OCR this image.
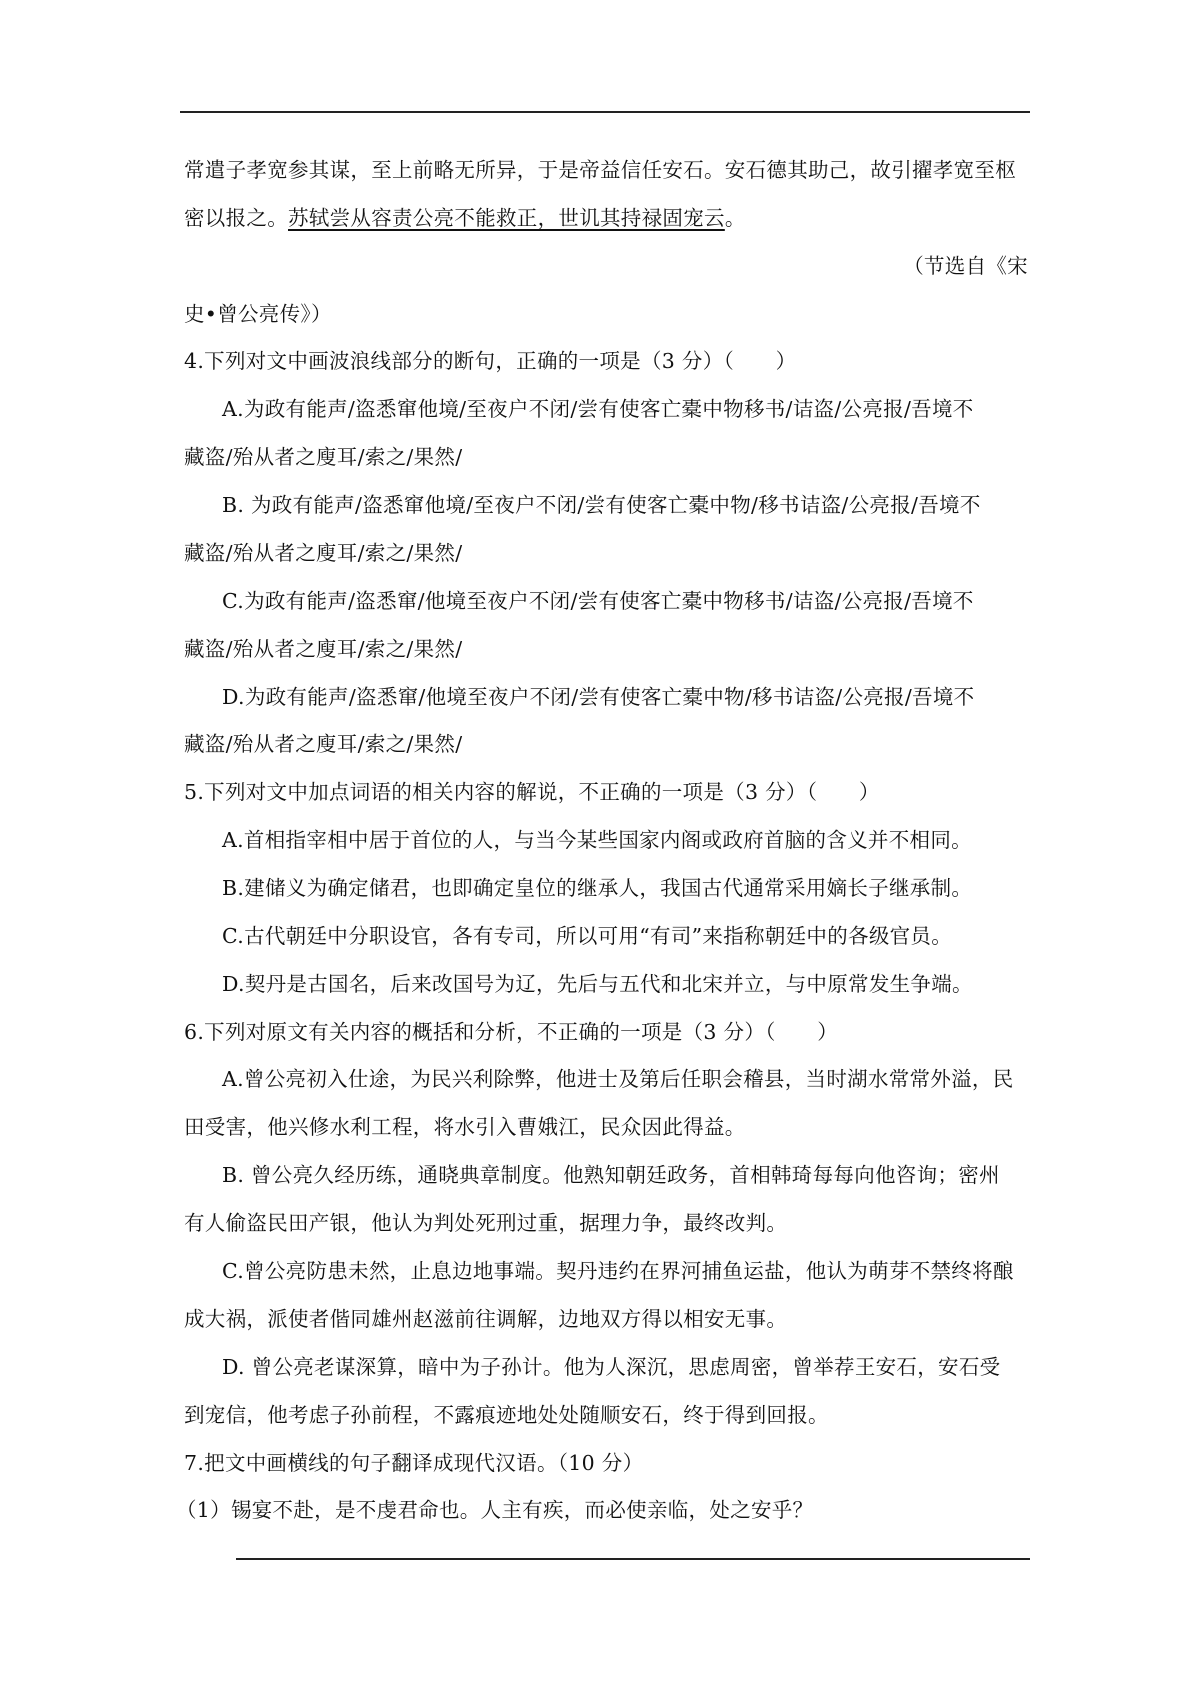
常遣子孝宽参其谋，至上前略无所异，于是帝益信任安石。安石德其助己，故引擢孝宽至枢
密以报之。苏轼尝从容责公亮不能救正，世讥其持禄固宠云。
（节选自《宋
史•曾公亮传》）
4.下列对文中画波浪线部分的断句，正确的一项是（3 分）（　　）
A.为政有能声/盗悉窜他境/至夜户不闭/尝有使客亡橐中物移书/诘盗/公亮报/吾境不
藏盗/殆从者之廋耳/索之/果然/
B. 为政有能声/盗悉窜他境/至夜户不闭/尝有使客亡橐中物/移书诘盗/公亮报/吾境不
藏盗/殆从者之廋耳/索之/果然/
C.为政有能声/盗悉窜/他境至夜户不闭/尝有使客亡橐中物移书/诘盗/公亮报/吾境不
藏盗/殆从者之廋耳/索之/果然/
D.为政有能声/盗悉窜/他境至夜户不闭/尝有使客亡橐中物/移书诘盗/公亮报/吾境不
藏盗/殆从者之廋耳/索之/果然/
5.下列对文中加点词语的相关内容的解说，不正确的一项是（3 分）（　　）
A.首相指宰相中居于首位的人，与当今某些国家内阁或政府首脑的含义并不相同。
B.建储义为确定储君，也即确定皇位的继承人，我国古代通常采用嫡长子继承制。
C.古代朝廷中分职设官，各有专司，所以可用“有司”来指称朝廷中的各级官员。
D.契丹是古国名，后来改国号为辽，先后与五代和北宋并立，与中原常发生争端。
6.下列对原文有关内容的概括和分析，不正确的一项是（3 分）（　　）
A.曾公亮初入仕途，为民兴利除弊，他进士及第后任职会稽县，当时湖水常常外溢，民
田受害，他兴修水利工程，将水引入曹娥江，民众因此得益。
B. 曾公亮久经历练，通晓典章制度。他熟知朝廷政务，首相韩琦每每向他咨询；密州
有人偷盗民田产银，他认为判处死刑过重，据理力争，最终改判。
C.曾公亮防患未然，止息边地事端。契丹违约在界河捕鱼运盐，他认为萌芽不禁终将酿
成大祸，派使者偕同雄州赵滋前往调解，边地双方得以相安无事。
D. 曾公亮老谋深算，暗中为子孙计。他为人深沉，思虑周密，曾举荐王安石，安石受
到宠信，他考虑子孙前程，不露痕迹地处处随顺安石，终于得到回报。
7.把文中画横线的句子翻译成现代汉语。（10 分）
（1）锡宴不赴，是不虔君命也。人主有疾，而必使亲临，处之安乎？
